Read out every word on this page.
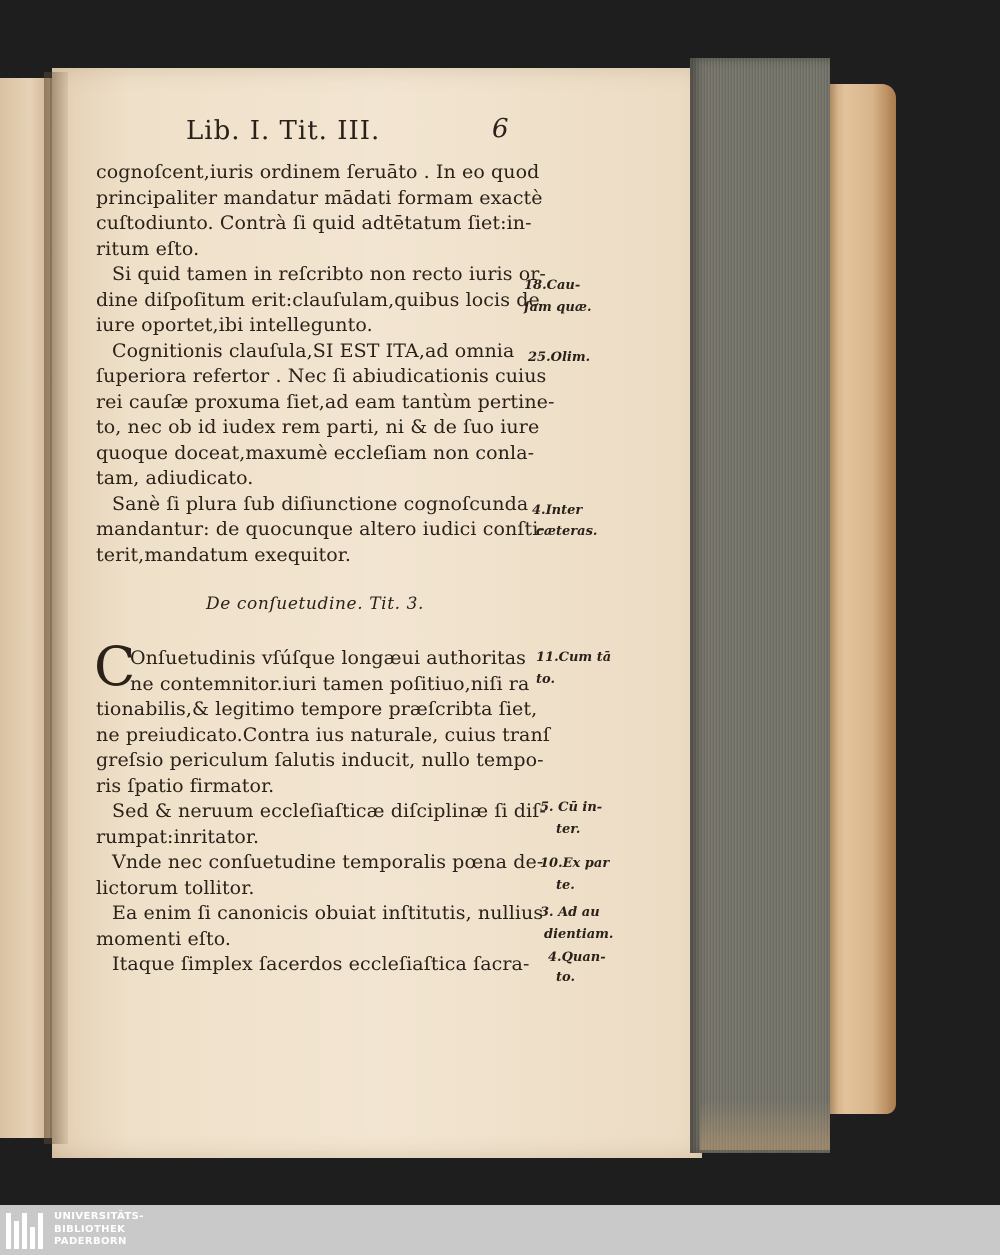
Lib. I. Tit. III.	6
cognoſcent,iuris ordinem ſeruāto . In eo quod
principaliter mandatur mādati formam exactè
cuſtodiunto. Contrà ſi quid adtētatum ſiet:in-
ritum eſto.
Si quid tamen in reſcribto non recto iuris or-
dine diſpoſitum erit:clauſulam,quibus locis de
iure oportet,ibi intellegunto.
Cognitionis clauſula,SI EST ITA,ad omnia
ſuperiora refertor . Nec ſi abiudicationis cuius
rei cauſæ proxuma ſiet,ad eam tantùm pertine-
to, nec ob id iudex rem parti, ni & de ſuo iure
quoque doceat,maxumè eccleſiam non conla-
tam, adiudicato.
Sanè ſi plura ſub diſiunctione cognoſcunda
mandantur: de quocunque altero iudici conſti-
terit,mandatum exequitor.
De conſuetudine. Tit. 3.
C
Onſuetudinis vſúſque longæui authoritas
ne contemnitor.iuri tamen poſitiuo,niſi ra
tionabilis,& legitimo tempore præſcribta ſiet,
ne preiudicato.Contra ius naturale, cuius tranſ
greſsio periculum ſalutis inducit, nullo tempo-
ris ſpatio firmator.
Sed & neruum eccleſiaſticæ diſciplinæ ſi diſ-
rumpat:inritator.
Vnde nec conſuetudine temporalis pœna de-
lictorum tollitor.
Ea enim ſi canonicis obuiat inſtitutis, nullius
momenti eſto.
Itaque ſimplex ſacerdos eccleſiaſtica ſacra-
18.Cau-
ſam quæ.
25.Olim.
4.Inter
cæteras.
11.Cum tā
to.
5. Cū in-
ter.
10.Ex par
te.
3. Ad au
dientiam.
4.Quan-
to.
UNIVERSITÄTS-
BIBLIOTHEK
PADERBORN
